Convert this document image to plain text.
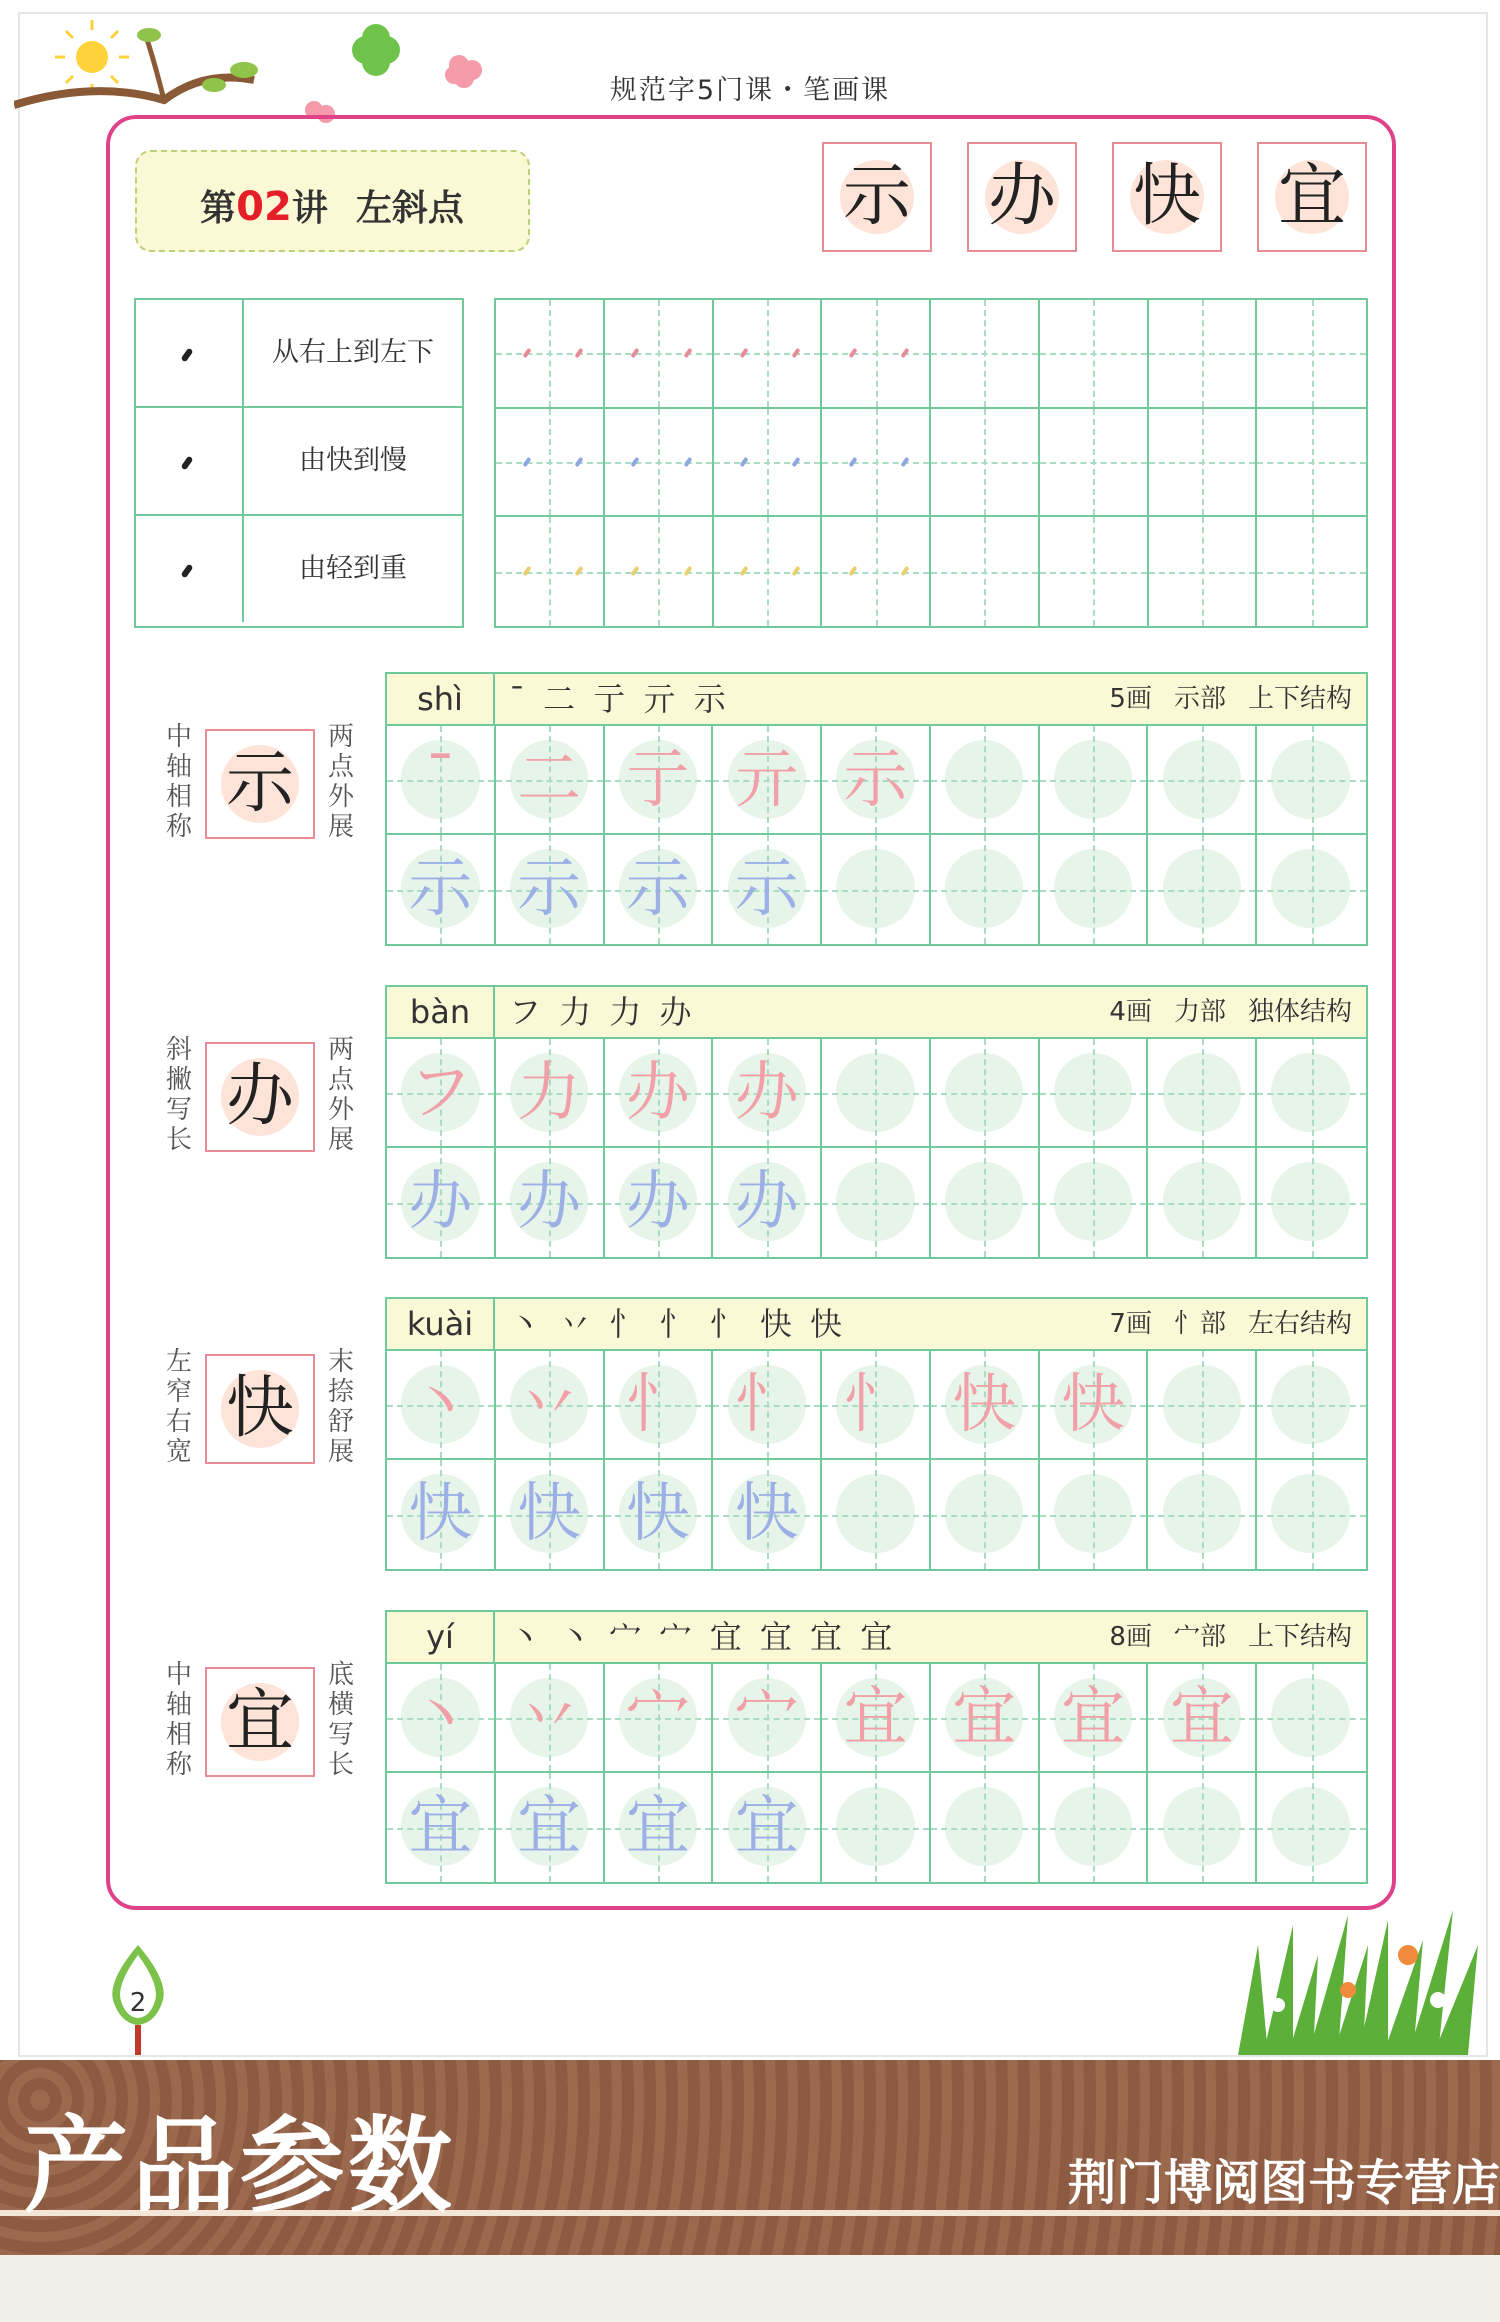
规范字5门课・笔画课
第02讲 左斜点	示 办 快 宜
从右上到左下
由快到慢
由轻到重
中轴相称
两点外展
示
shì	¯ 二 亍 亓 示	5画 示部 上下结构
¯ 二 亍 亓 示
示 示 示 示
斜撇写长
两点外展
办
bàn	フ 力 力 办	4画 力部 独体结构
フ 力 办 办
办 办 办 办
左窄右宽
末捺舒展
快
kuài	丶 丷 忄 忄 忄 快 快	7画 忄部 左右结构
丶 丷 忄 忄 忄 快 快
快 快 快 快
中轴相称
底横写长
宜
yí	丶 丶 宀 宀 宜 宜 宜 宜	8画 宀部 上下结构
丶 丷 宀 宀 宜 宜 宜 宜
宜 宜 宜 宜
2
产品参数	荆门博阅图书专营店
